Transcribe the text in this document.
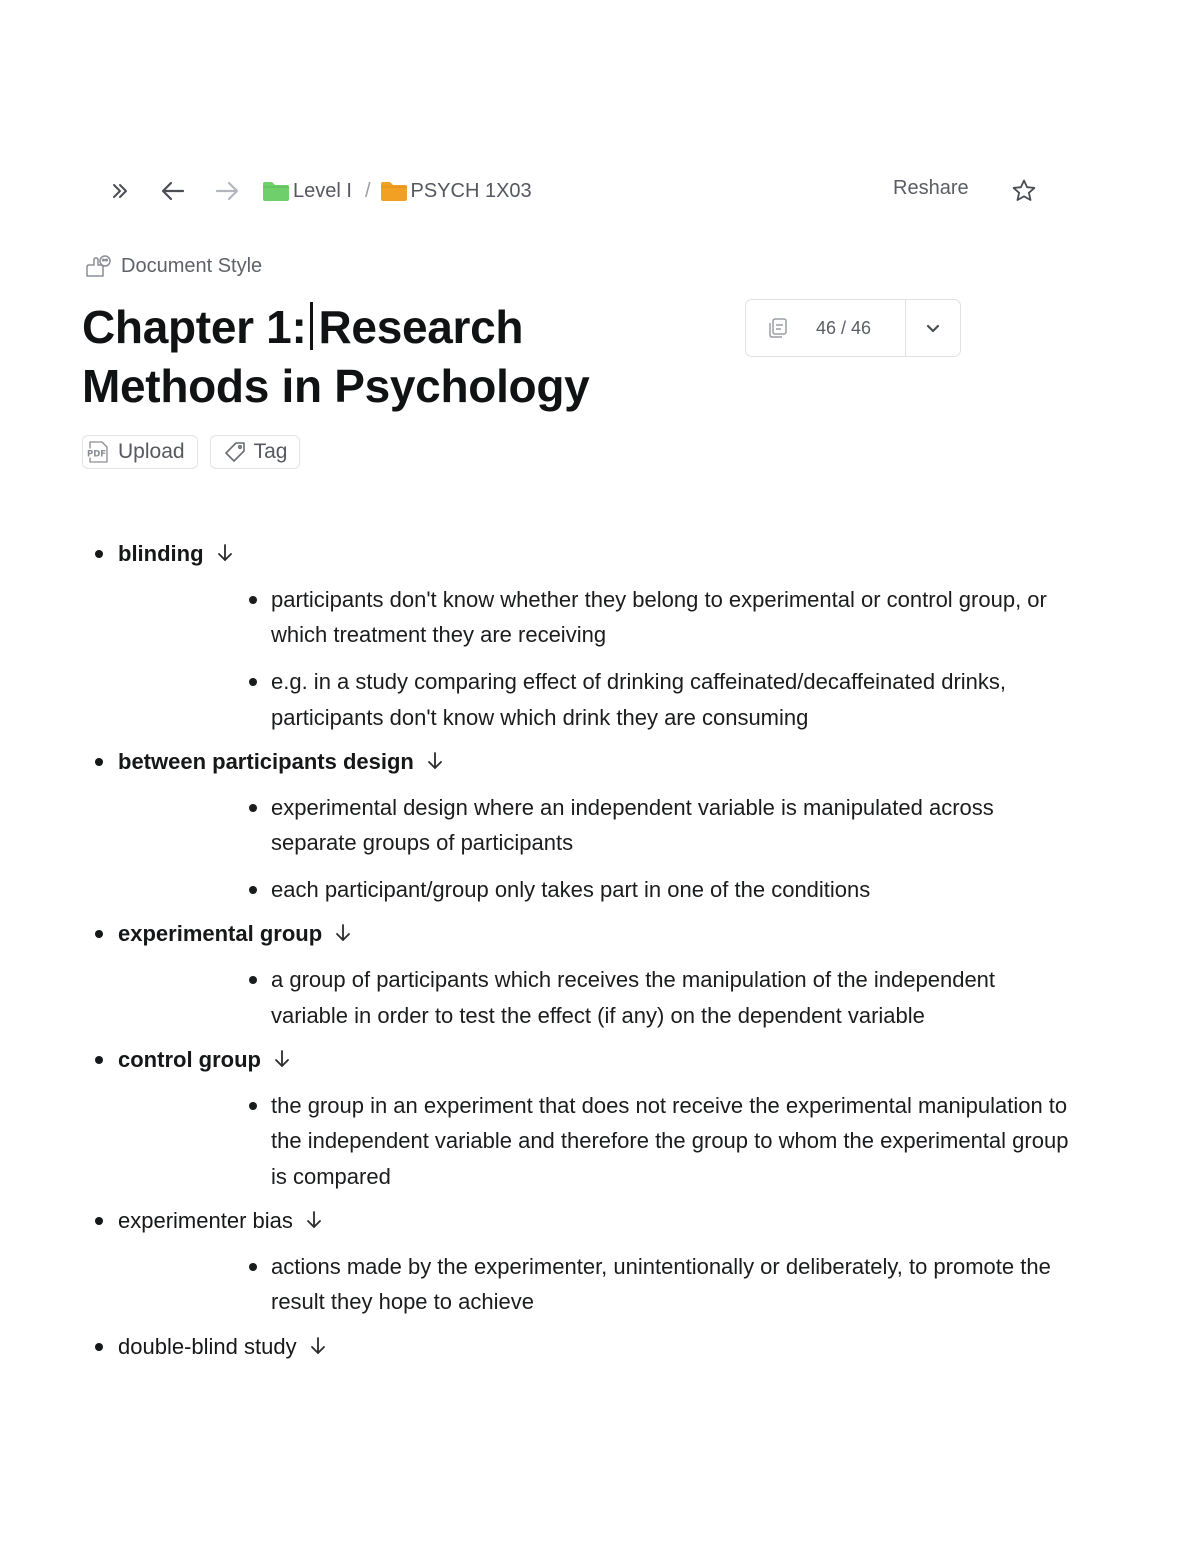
Level I / PSYCH 1X03	Reshare
Document Style
Chapter 1: Research Methods in Psychology
46 / 46
PDF Upload	Tag
blinding
participants don't know whether they belong to experimental or control group, or which treatment they are receiving
e.g. in a study comparing effect of drinking caffeinated/decaffeinated drinks, participants don't know which drink they are consuming
between participants design
experimental design where an independent variable is manipulated across separate groups of participants
each participant/group only takes part in one of the conditions
experimental group
a group of participants which receives the manipulation of the independent variable in order to test the effect (if any) on the dependent variable
control group
the group in an experiment that does not receive the experimental manipulation to the independent variable and therefore the group to whom the experimental group is compared
experimenter bias
actions made by the experimenter, unintentionally or deliberately, to promote the result they hope to achieve
double-blind study
